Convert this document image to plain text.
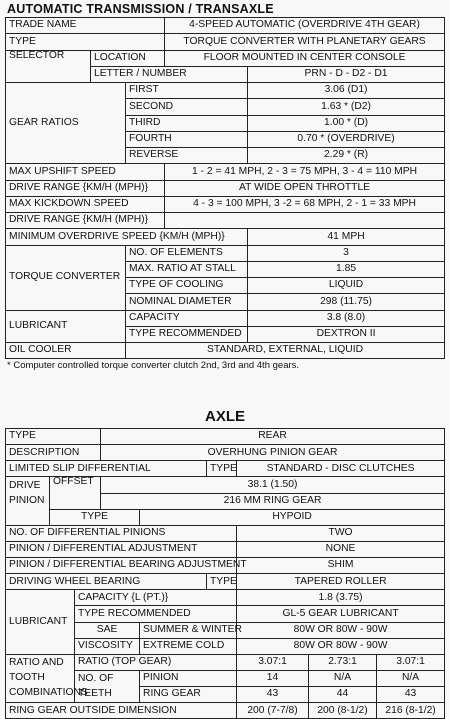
AUTOMATIC TRANSMISSION / TRANSAXLE
TRADE NAME			4-SPEED AUTOMATIC (OVERDRIVE 4TH GEAR)	
TYPE			TORQUE CONVERTER WITH PLANETARY GEARS	
SELECTOR	LOCATION		FLOOR MOUNTED IN CENTER CONSOLE	
	LETTER / NUMBER			PRN - D - D2 - D1
GEAR RATIOS		FIRST		3.06 (D1)
		SECOND		1.63 * (D2)
		THIRD		1.00 * (D)
		FOURTH		0.70 * (OVERDRIVE)
		REVERSE		2.29 * (R)
MAX UPSHIFT SPEED			1 - 2 = 41 MPH, 2 - 3 = 75 MPH, 3 - 4 = 110 MPH	
DRIVE RANGE {KM/H (MPH)}			AT WIDE OPEN THROTTLE	
MAX KICKDOWN SPEED			4 - 3 = 100 MPH, 3 -2 = 68 MPH, 2 - 1 = 33 MPH	
DRIVE RANGE {KM/H (MPH)}				
MINIMUM OVERDRIVE SPEED {KM/H (MPH)}				41 MPH
TORQUE CONVERTER		NO. OF ELEMENTS		3
		MAX. RATIO AT STALL		1.85
		TYPE OF COOLING		LIQUID
		NOMINAL DIAMETER		298 (11.75)
LUBRICANT		CAPACITY		3.8 (8.0)
		TYPE RECOMMENDED		DEXTRON II
OIL COOLER		STANDARD, EXTERNAL, LIQUID		
* Computer controlled torque converter clutch 2nd, 3rd and 4th gears.
AXLE
TYPE			REAR					
DESCRIPTION			OVERHUNG PINION GEAR					
LIMITED SLIP DIFFERENTIAL					TYPE	STANDARD - DISC CLUTCHES		

DRIVE
PINION	OFFSET		38.1 (1.50)					
			216 MM RING GEAR					
	TYPE			HYPOID				
NO. OF DIFFERENTIAL PINIONS						TWO		
PINION / DIFFERENTIAL ADJUSTMENT						NONE		
PINION / DIFFERENTIAL BEARING ADJUSTMENT						SHIM		
DRIVING WHEEL BEARING					TYPE	TAPERED ROLLER		
LUBRICANT		CAPACITY {L (PT.)}				1.8 (3.75)		
		TYPE RECOMMENDED				GL-5 GEAR LUBRICANT		
		SAE		SUMMER & WINTER		80W OR 80W - 90W		
		VISCOSITY		EXTREME COLD		80W OR 80W - 90W		

RATIO AND
TOOTH
COMBINATIONS		RATIO (TOP GEAR)				3.07:1	2.73:1	3.07:1

		NO. OF
TEETH		PINION		14	N/A	N/A
				RING GEAR		43	44	43
RING GEAR OUTSIDE DIMENSION						200 (7-7/8)	200 (8-1/2)	216 (8-1/2)
